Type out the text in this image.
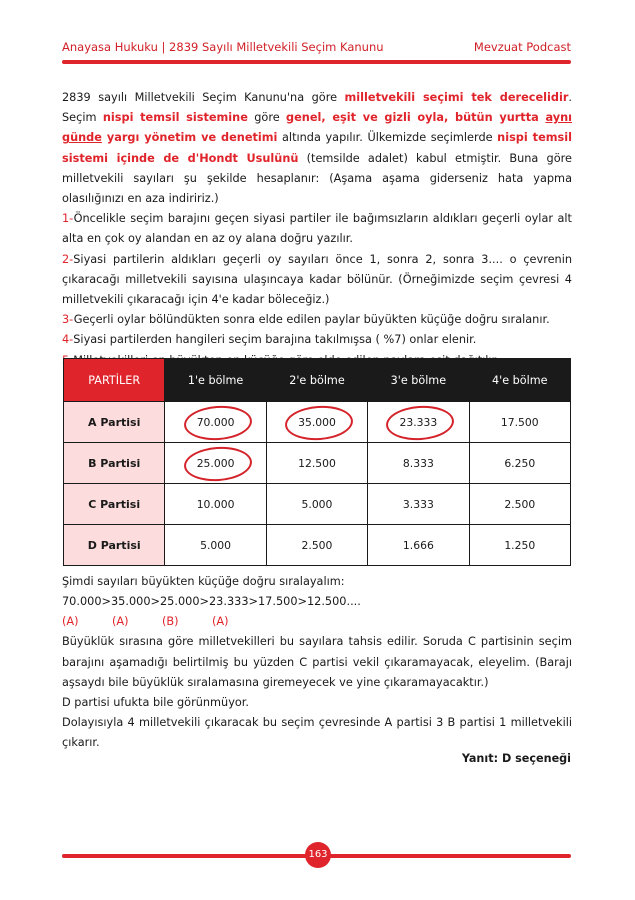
Anayasa Hukuku | 2839 Sayılı Milletvekili Seçim Kanunu	Mevzuat Podcast

2839 sayılı Milletvekili Seçim Kanunu'na göre milletvekili seçimi tek derecelidir. Seçim nispi temsil sistemine göre genel, eşit ve gizli oyla, bütün yurtta aynı günde yargı yönetim ve denetimi altında yapılır. Ülkemizde seçimlerde nispi temsil sistemi içinde de d'Hondt Usulünü (temsilde adalet) kabul etmiştir. Buna göre milletvekili sayıları şu şekilde hesaplanır: (Aşama aşama giderseniz hata yapma olasılığınızı en aza indiririz.)

1-Öncelikle seçim barajını geçen siyasi partiler ile bağımsızların aldıkları geçerli oylar alt alta en çok oy alandan en az oy alana doğru yazılır.

2-Siyasi partilerin aldıkları geçerli oy sayıları önce 1, sonra 2, sonra 3.... o çevrenin çıkaracağı milletvekili sayısına ulaşıncaya kadar bölünür. (Örneğimizde seçim çevresi 4 milletvekili çıkaracağı için 4'e kadar böleceğiz.)

3-Geçerli oylar bölündükten sonra elde edilen paylar büyükten küçüğe doğru sıralanır.

4-Siyasi partilerden hangileri seçim barajına takılmışsa ( %7) onlar elenir.

PARTİLER	1'e bölme	2'e bölme	3'e bölme	4'e bölme
A Partisi	70.000	35.000	23.333	17.500
B Partisi	25.000	12.500	8.333	6.250
C Partisi	10.000	5.000	3.333	2.500
D Partisi	5.000	2.500	1.666	1.250

Şimdi sayıları büyükten küçüğe doğru sıralayalım:

70.000>35.000>25.000>23.333>17.500>12.500....

(A)	(A)	(B)	(A)

Büyüklük sırasına göre milletvekilleri bu sayılara tahsis edilir. Soruda C partisinin seçim barajını aşamadığı belirtilmiş bu yüzden C partisi vekil çıkaramayacak, eleyelim. (Barajı aşsaydı bile büyüklük sıralamasına giremeyecek ve yine çıkaramayacaktır.)

D partisi ufukta bile görünmüyor.

Dolayısıyla 4 milletvekili çıkaracak bu seçim çevresinde A partisi 3 B partisi 1 milletvekili çıkarır.

Yanıt: D seçeneği
163
